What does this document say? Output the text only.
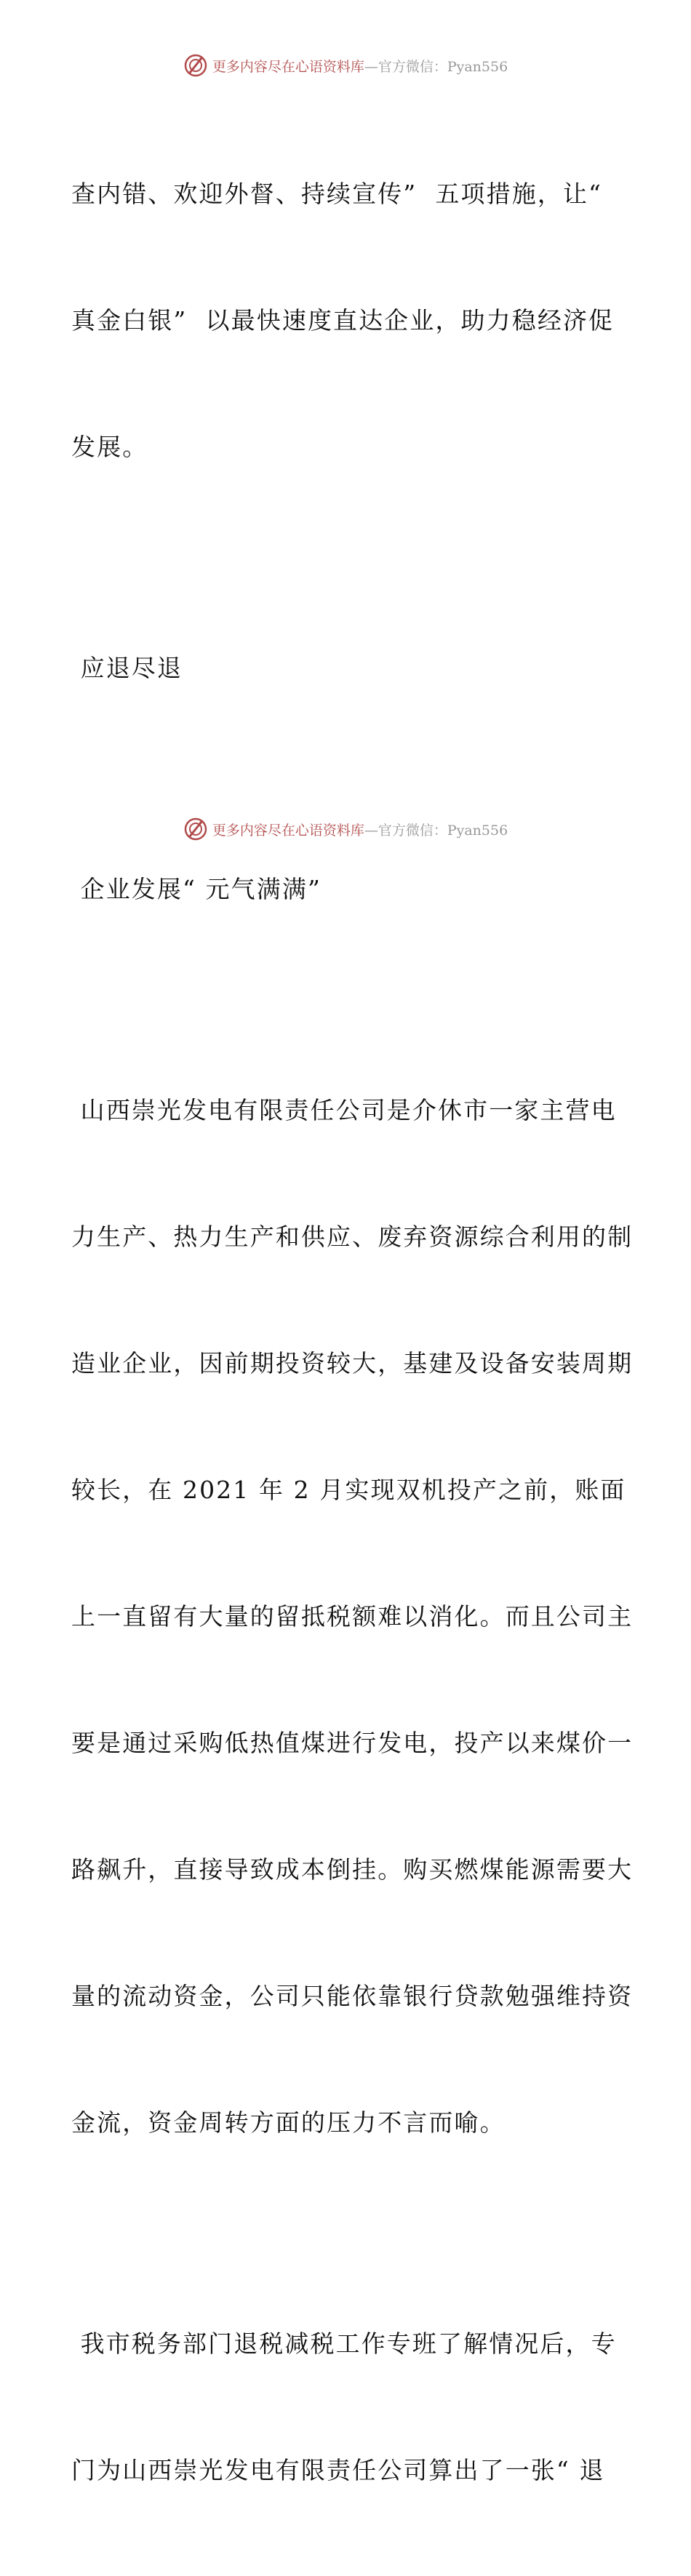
更多内容尽在心语资料库—官方微信：Pyan556

查内错、欢迎外督、持续宣传”  五项措施，让“

真金白银”  以最快速度直达企业，助力稳经济促

发展。

应退尽退

企业发展“ 元气满满”

山西崇光发电有限责任公司是介休市一家主营电

力生产、热力生产和供应、废弃资源综合利用的制

造业企业，因前期投资较大，基建及设备安装周期

较长，在 2021 年 2 月实现双机投产之前，账面

上一直留有大量的留抵税额难以消化。而且公司主

要是通过采购低热值煤进行发电，投产以来煤价一

路飙升，直接导致成本倒挂。购买燃煤能源需要大

量的流动资金，公司只能依靠银行贷款勉强维持资

金流，资金周转方面的压力不言而喻。

我市税务部门退税减税工作专班了解情况后，专

门为山西崇光发电有限责任公司算出了一张“ 退

更多内容尽在心语资料库—官方微信：Pyan556
